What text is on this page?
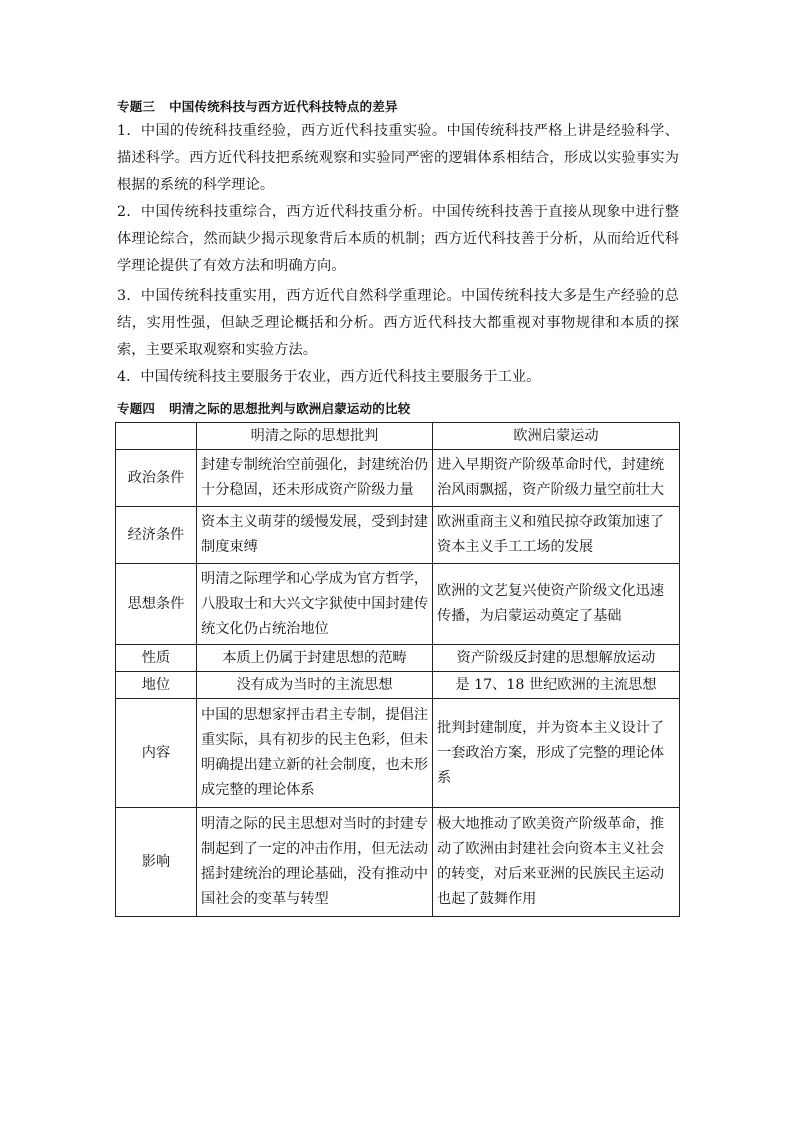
专题三 中国传统科技与西方近代科技特点的差异
1．中国的传统科技重经验，西方近代科技重实验。中国传统科技严格上讲是经验科学、描述科学。西方近代科技把系统观察和实验同严密的逻辑体系相结合，形成以实验事实为根据的系统的科学理论。
2．中国传统科技重综合，西方近代科技重分析。中国传统科技善于直接从现象中进行整体理论综合，然而缺少揭示现象背后本质的机制；西方近代科技善于分析，从而给近代科学理论提供了有效方法和明确方向。
3．中国传统科技重实用，西方近代自然科学重理论。中国传统科技大多是生产经验的总结，实用性强，但缺乏理论概括和分析。西方近代科技大都重视对事物规律和本质的探索，主要采取观察和实验方法。
4．中国传统科技主要服务于农业，西方近代科技主要服务于工业。
专题四 明清之际的思想批判与欧洲启蒙运动的比较
	明清之际的思想批判	欧洲启蒙运动
政治条件	封建专制统治空前强化，封建统治仍十分稳固，还未形成资产阶级力量	进入早期资产阶级革命时代，封建统治风雨飘摇，资产阶级力量空前壮大
经济条件	资本主义萌芽的缓慢发展，受到封建制度束缚	欧洲重商主义和殖民掠夺政策加速了资本主义手工工场的发展
思想条件	明清之际理学和心学成为官方哲学，八股取士和大兴文字狱使中国封建传统文化仍占统治地位	欧洲的文艺复兴使资产阶级文化迅速传播，为启蒙运动奠定了基础
性质	本质上仍属于封建思想的范畴	资产阶级反封建的思想解放运动
地位	没有成为当时的主流思想	是 17、18 世纪欧洲的主流思想
内容	中国的思想家抨击君主专制，提倡注重实际，具有初步的民主色彩，但未明确提出建立新的社会制度，也未形成完整的理论体系	批判封建制度，并为资本主义设计了一套政治方案，形成了完整的理论体系
影响	明清之际的民主思想对当时的封建专制起到了一定的冲击作用，但无法动摇封建统治的理论基础，没有推动中国社会的变革与转型	极大地推动了欧美资产阶级革命，推动了欧洲由封建社会向资本主义社会的转变，对后来亚洲的民族民主运动也起了鼓舞作用
